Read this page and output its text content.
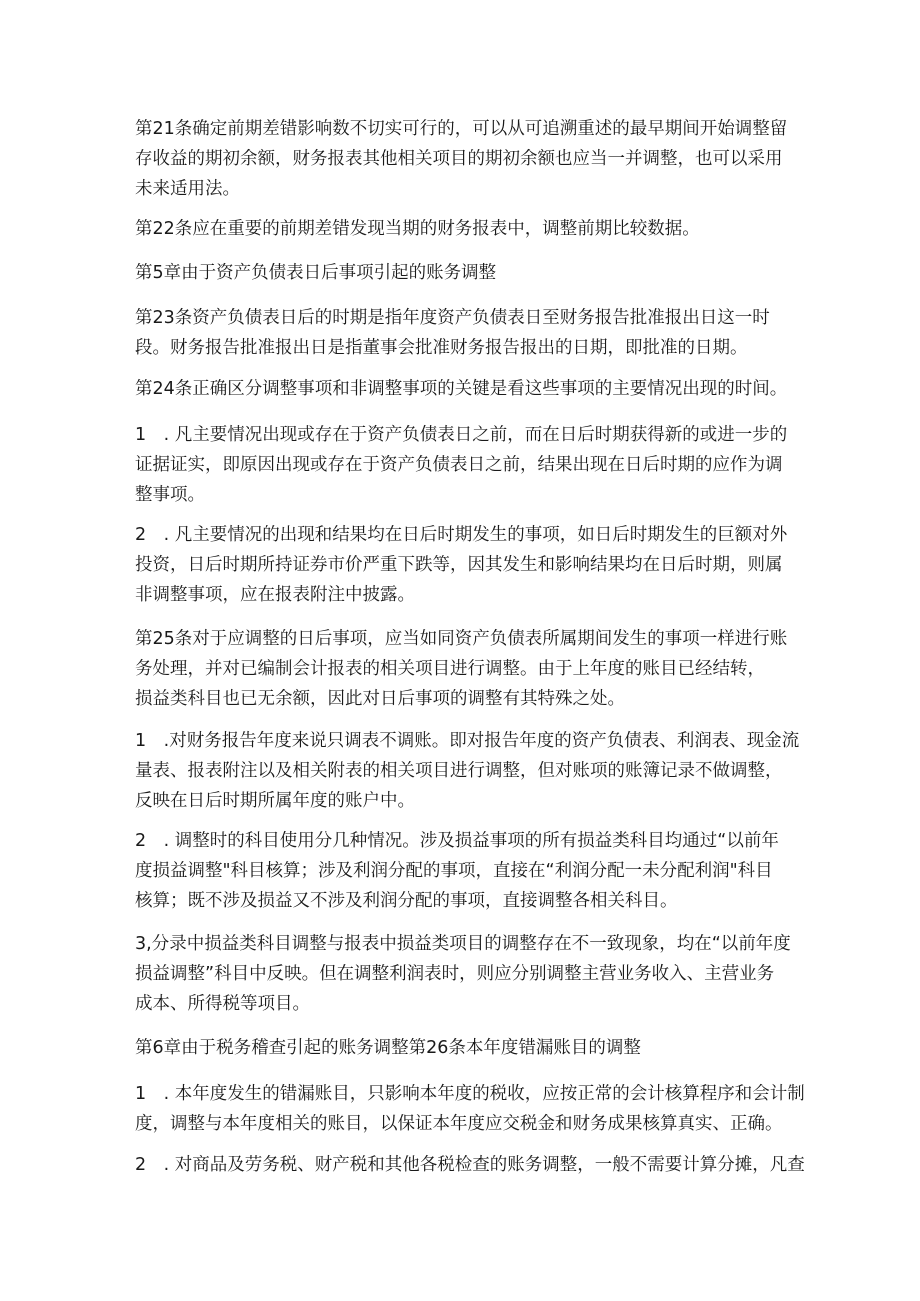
第21条确定前期差错影响数不切实可行的，可以从可追溯重述的最早期间开始调整留
存收益的期初余额，财务报表其他相关项目的期初余额也应当一并调整，也可以采用
未来适用法。

第22条应在重要的前期差错发现当期的财务报表中，调整前期比较数据。

第5章由于资产负债表日后事项引起的账务调整

第23条资产负债表日后的时期是指年度资产负债表日至财务报告批准报出日这一时
段。财务报告批准报出日是指董事会批准财务报告报出的日期，即批准的日期。

第24条正确区分调整事项和非调整事项的关键是看这些事项的主要情况出现的时间。

1　. 凡主要情况出现或存在于资产负债表日之前，而在日后时期获得新的或进一步的
证据证实，即原因出现或存在于资产负债表日之前，结果出现在日后时期的应作为调
整事项。

2　. 凡主要情况的出现和结果均在日后时期发生的事项，如日后时期发生的巨额对外
投资，日后时期所持证券市价严重下跌等，因其发生和影响结果均在日后时期，则属
非调整事项，应在报表附注中披露。

第25条对于应调整的日后事项，应当如同资产负债表所属期间发生的事项一样进行账
务处理，并对已编制会计报表的相关项目进行调整。由于上年度的账目已经结转，
损益类科目也已无余额，因此对日后事项的调整有其特殊之处。

1　.对财务报告年度来说只调表不调账。即对报告年度的资产负债表、利润表、现金流
量表、报表附注以及相关附表的相关项目进行调整，但对账项的账簿记录不做调整，
反映在日后时期所属年度的账户中。

2　. 调整时的科目使用分几种情况。涉及损益事项的所有损益类科目均通过“以前年
度损益调整"科目核算；涉及利润分配的事项，直接在“利润分配一未分配利润"科目
核算；既不涉及损益又不涉及利润分配的事项，直接调整各相关科目。

3,分录中损益类科目调整与报表中损益类项目的调整存在不一致现象，均在“以前年度
损益调整”科目中反映。但在调整利润表时，则应分别调整主营业务收入、主营业务
成本、所得税等项目。

第6章由于税务稽查引起的账务调整第26条本年度错漏账目的调整

1　. 本年度发生的错漏账目，只影响本年度的税收，应按正常的会计核算程序和会计制
度，调整与本年度相关的账目，以保证本年度应交税金和财务成果核算真实、正确。

2　. 对商品及劳务税、财产税和其他各税检查的账务调整，一般不需要计算分摊，凡查
